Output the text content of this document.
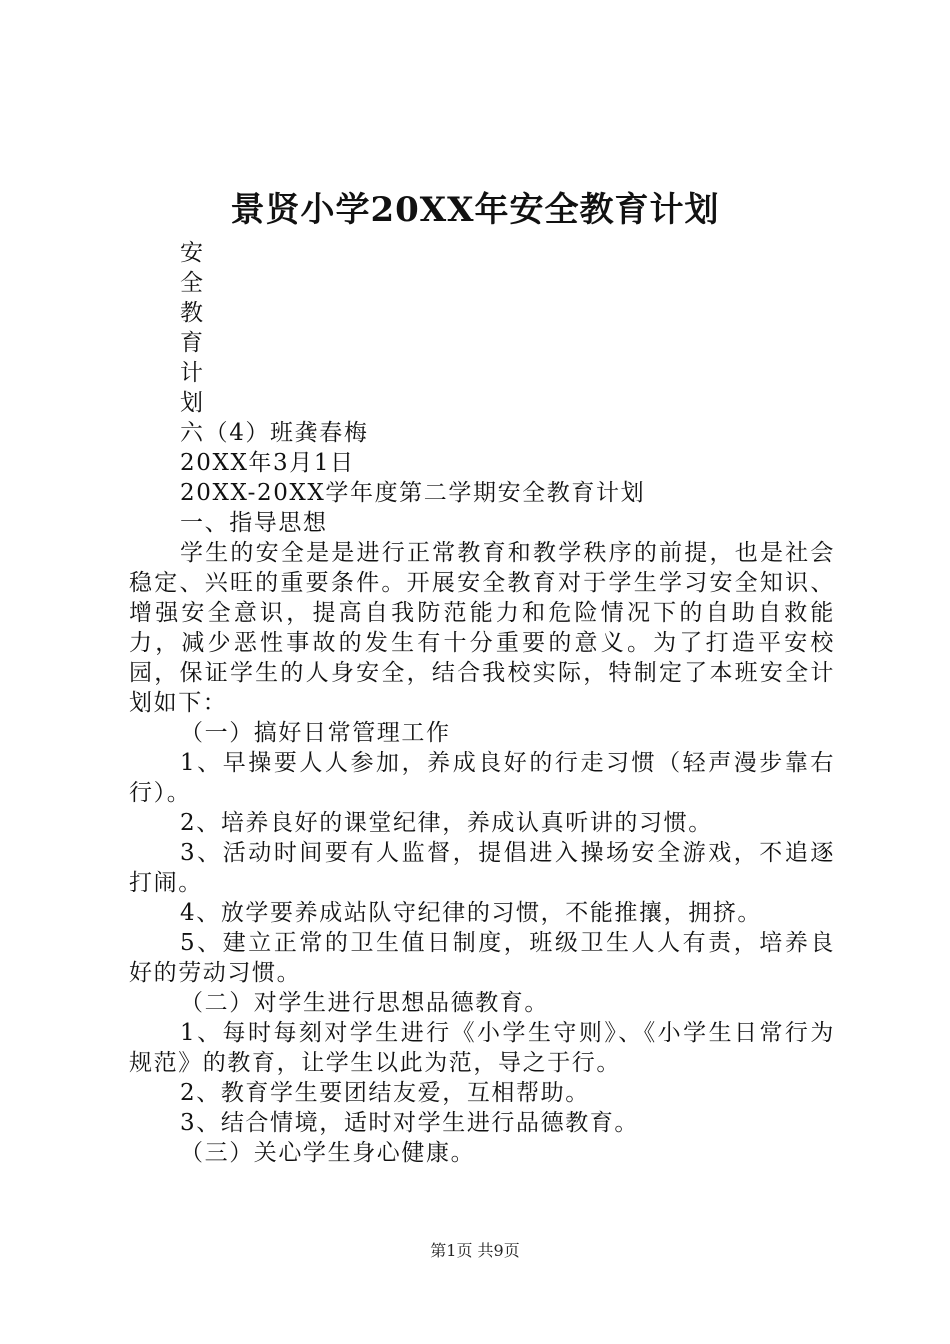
景贤小学20XX年安全教育计划
安
全
教
育
计
划
六（4）班龚春梅
20XX年3月1日
20XX-20XX学年度第二学期安全教育计划
一、指导思想
学生的安全是是进行正常教育和教学秩序的前提，也是社会稳定、兴旺的重要条件。开展安全教育对于学生学习安全知识、增强安全意识，提高自我防范能力和危险情况下的自助自救能力，减少恶性事故的发生有十分重要的意义。为了打造平安校园，保证学生的人身安全，结合我校实际，特制定了本班安全计划如下：
（一）搞好日常管理工作
1、早操要人人参加，养成良好的行走习惯（轻声漫步靠右行）。
2、培养良好的课堂纪律，养成认真听讲的习惯。
3、活动时间要有人监督，提倡进入操场安全游戏，不追逐打闹。
4、放学要养成站队守纪律的习惯，不能推攘，拥挤。
5、建立正常的卫生值日制度，班级卫生人人有责，培养良好的劳动习惯。
（二）对学生进行思想品德教育。
1、每时每刻对学生进行《小学生守则》、《小学生日常行为规范》的教育，让学生以此为范，导之于行。
2、教育学生要团结友爱，互相帮助。
3、结合情境，适时对学生进行品德教育。
（三）关心学生身心健康。
第1页 共9页
